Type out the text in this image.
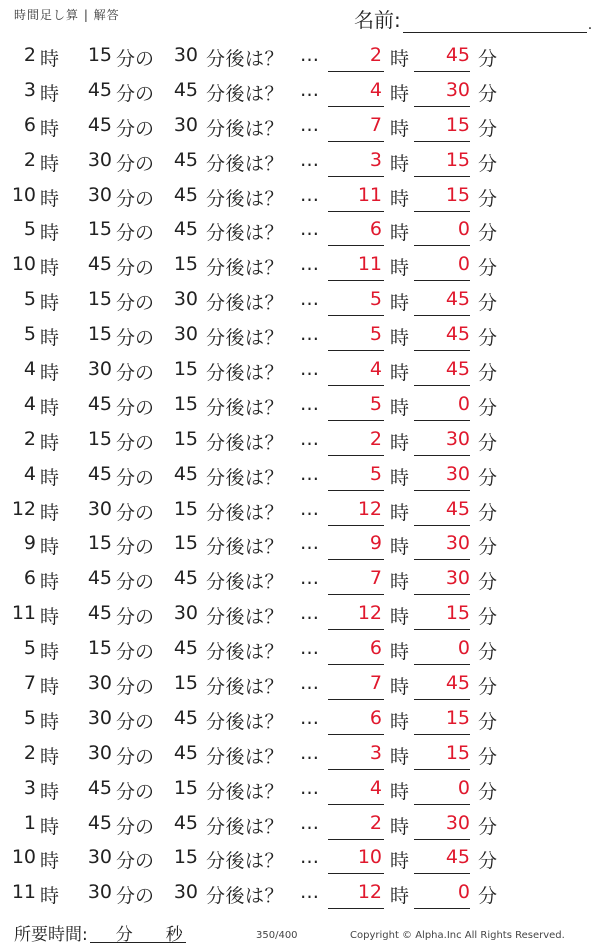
時間足し算 | 解答	名前:	.
2 時	15 分の	30 分後は？ …	2 時	45 分
3 時	45 分の	45 分後は？ …	4 時	30 分
6 時	45 分の	30 分後は？ …	7 時	15 分
2 時	30 分の	45 分後は？ …	3 時	15 分
10 時	30 分の	45 分後は？ …	11 時	15 分
5 時	15 分の	45 分後は？ …	6 時	0 分
10 時	45 分の	15 分後は？ …	11 時	0 分
5 時	15 分の	30 分後は？ …	5 時	45 分
5 時	15 分の	30 分後は？ …	5 時	45 分
4 時	30 分の	15 分後は？ …	4 時	45 分
4 時	45 分の	15 分後は？ …	5 時	0 分
2 時	15 分の	15 分後は？ …	2 時	30 分
4 時	45 分の	45 分後は？ …	5 時	30 分
12 時	30 分の	15 分後は？ …	12 時	45 分
9 時	15 分の	15 分後は？ …	9 時	30 分
6 時	45 分の	45 分後は？ …	7 時	30 分
11 時	45 分の	30 分後は？ …	12 時	15 分
5 時	15 分の	45 分後は？ …	6 時	0 分
7 時	30 分の	15 分後は？ …	7 時	45 分
5 時	30 分の	45 分後は？ …	6 時	15 分
2 時	30 分の	45 分後は？ …	3 時	15 分
3 時	45 分の	15 分後は？ …	4 時	0 分
1 時	45 分の	45 分後は？ …	2 時	30 分
10 時	30 分の	15 分後は？ …	10 時	45 分
11 時	30 分の	30 分後は？ …	12 時	0 分
所要時間: 分 秒	350/400	Copyright © Alpha.Inc All Rights Reserved.
